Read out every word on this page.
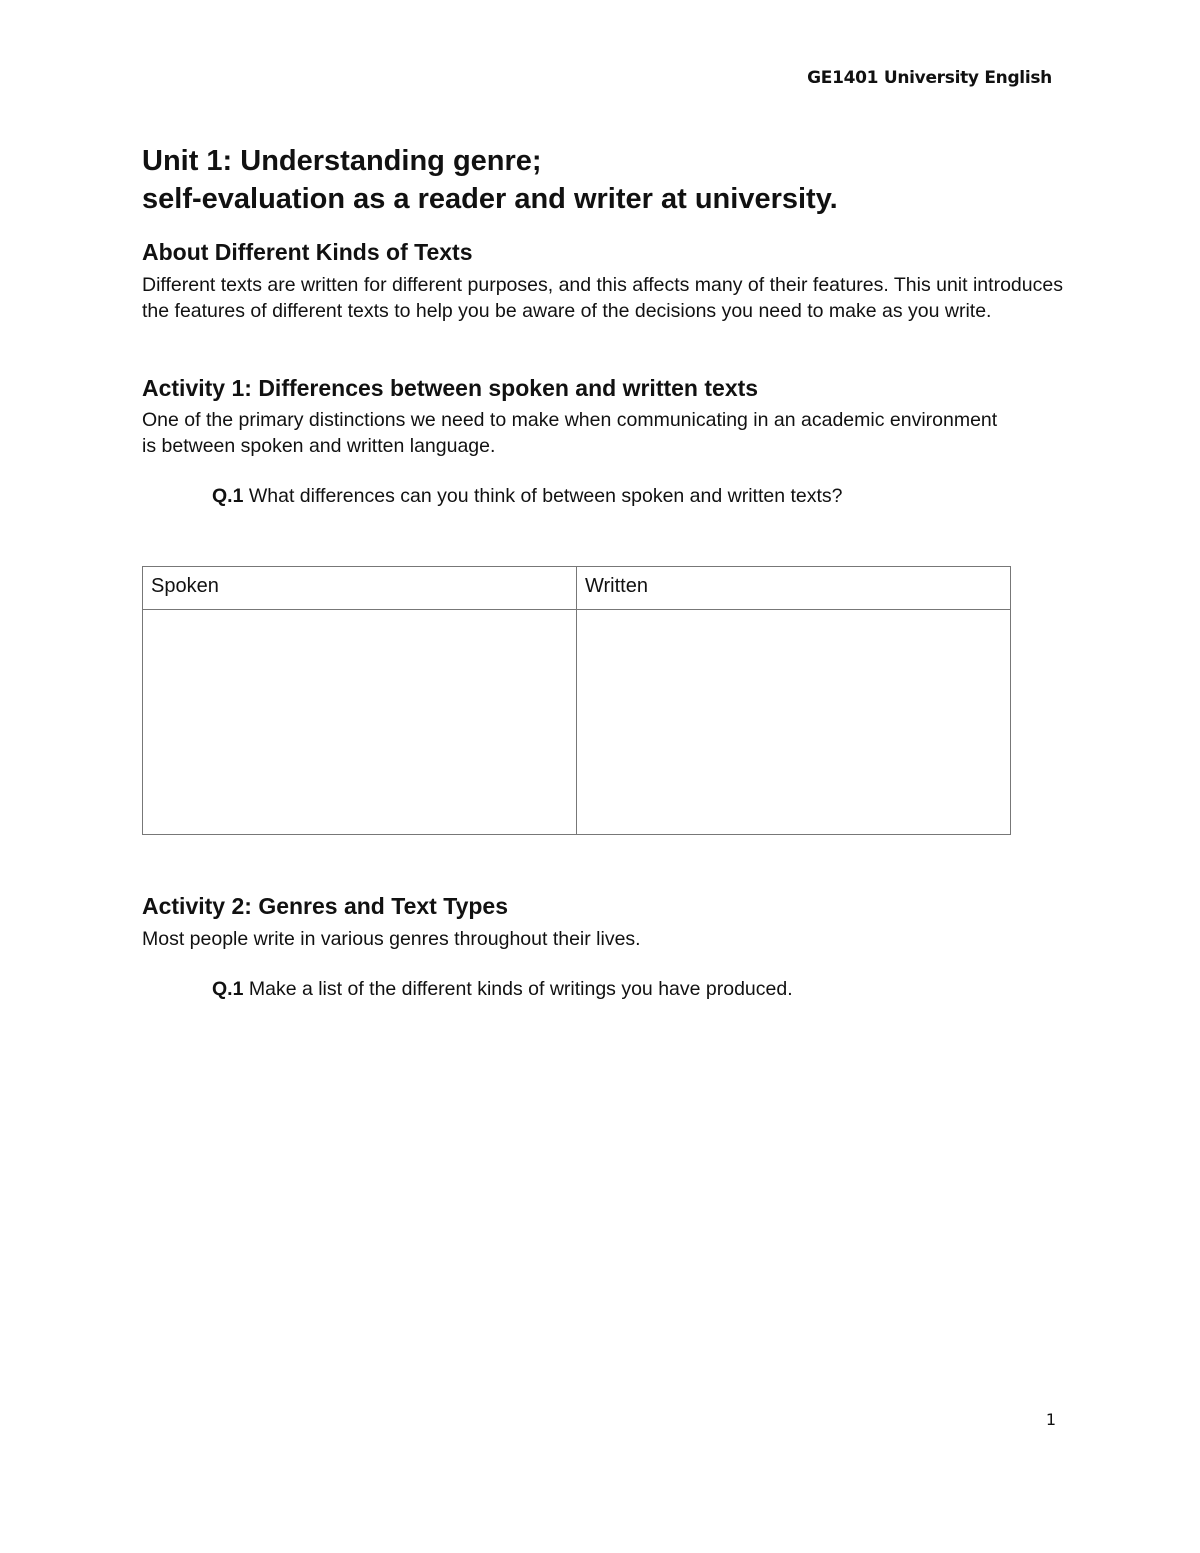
GE1401 University English
Unit 1: Understanding genre;
self-evaluation as a reader and writer at university.
About Different Kinds of Texts

Different texts are written for different purposes, and this affects many of their features. This unit introduces the features of different texts to help you be aware of the decisions you need to make as you write.

Activity 1: Differences between spoken and written texts

One of the primary distinctions we need to make when communicating in an academic environment is between spoken and written language.

Q.1 What differences can you think of between spoken and written texts?

Spoken	Written

Activity 2: Genres and Text Types

Most people write in various genres throughout their lives.

Q.1 Make a list of the different kinds of writings you have produced.

1
